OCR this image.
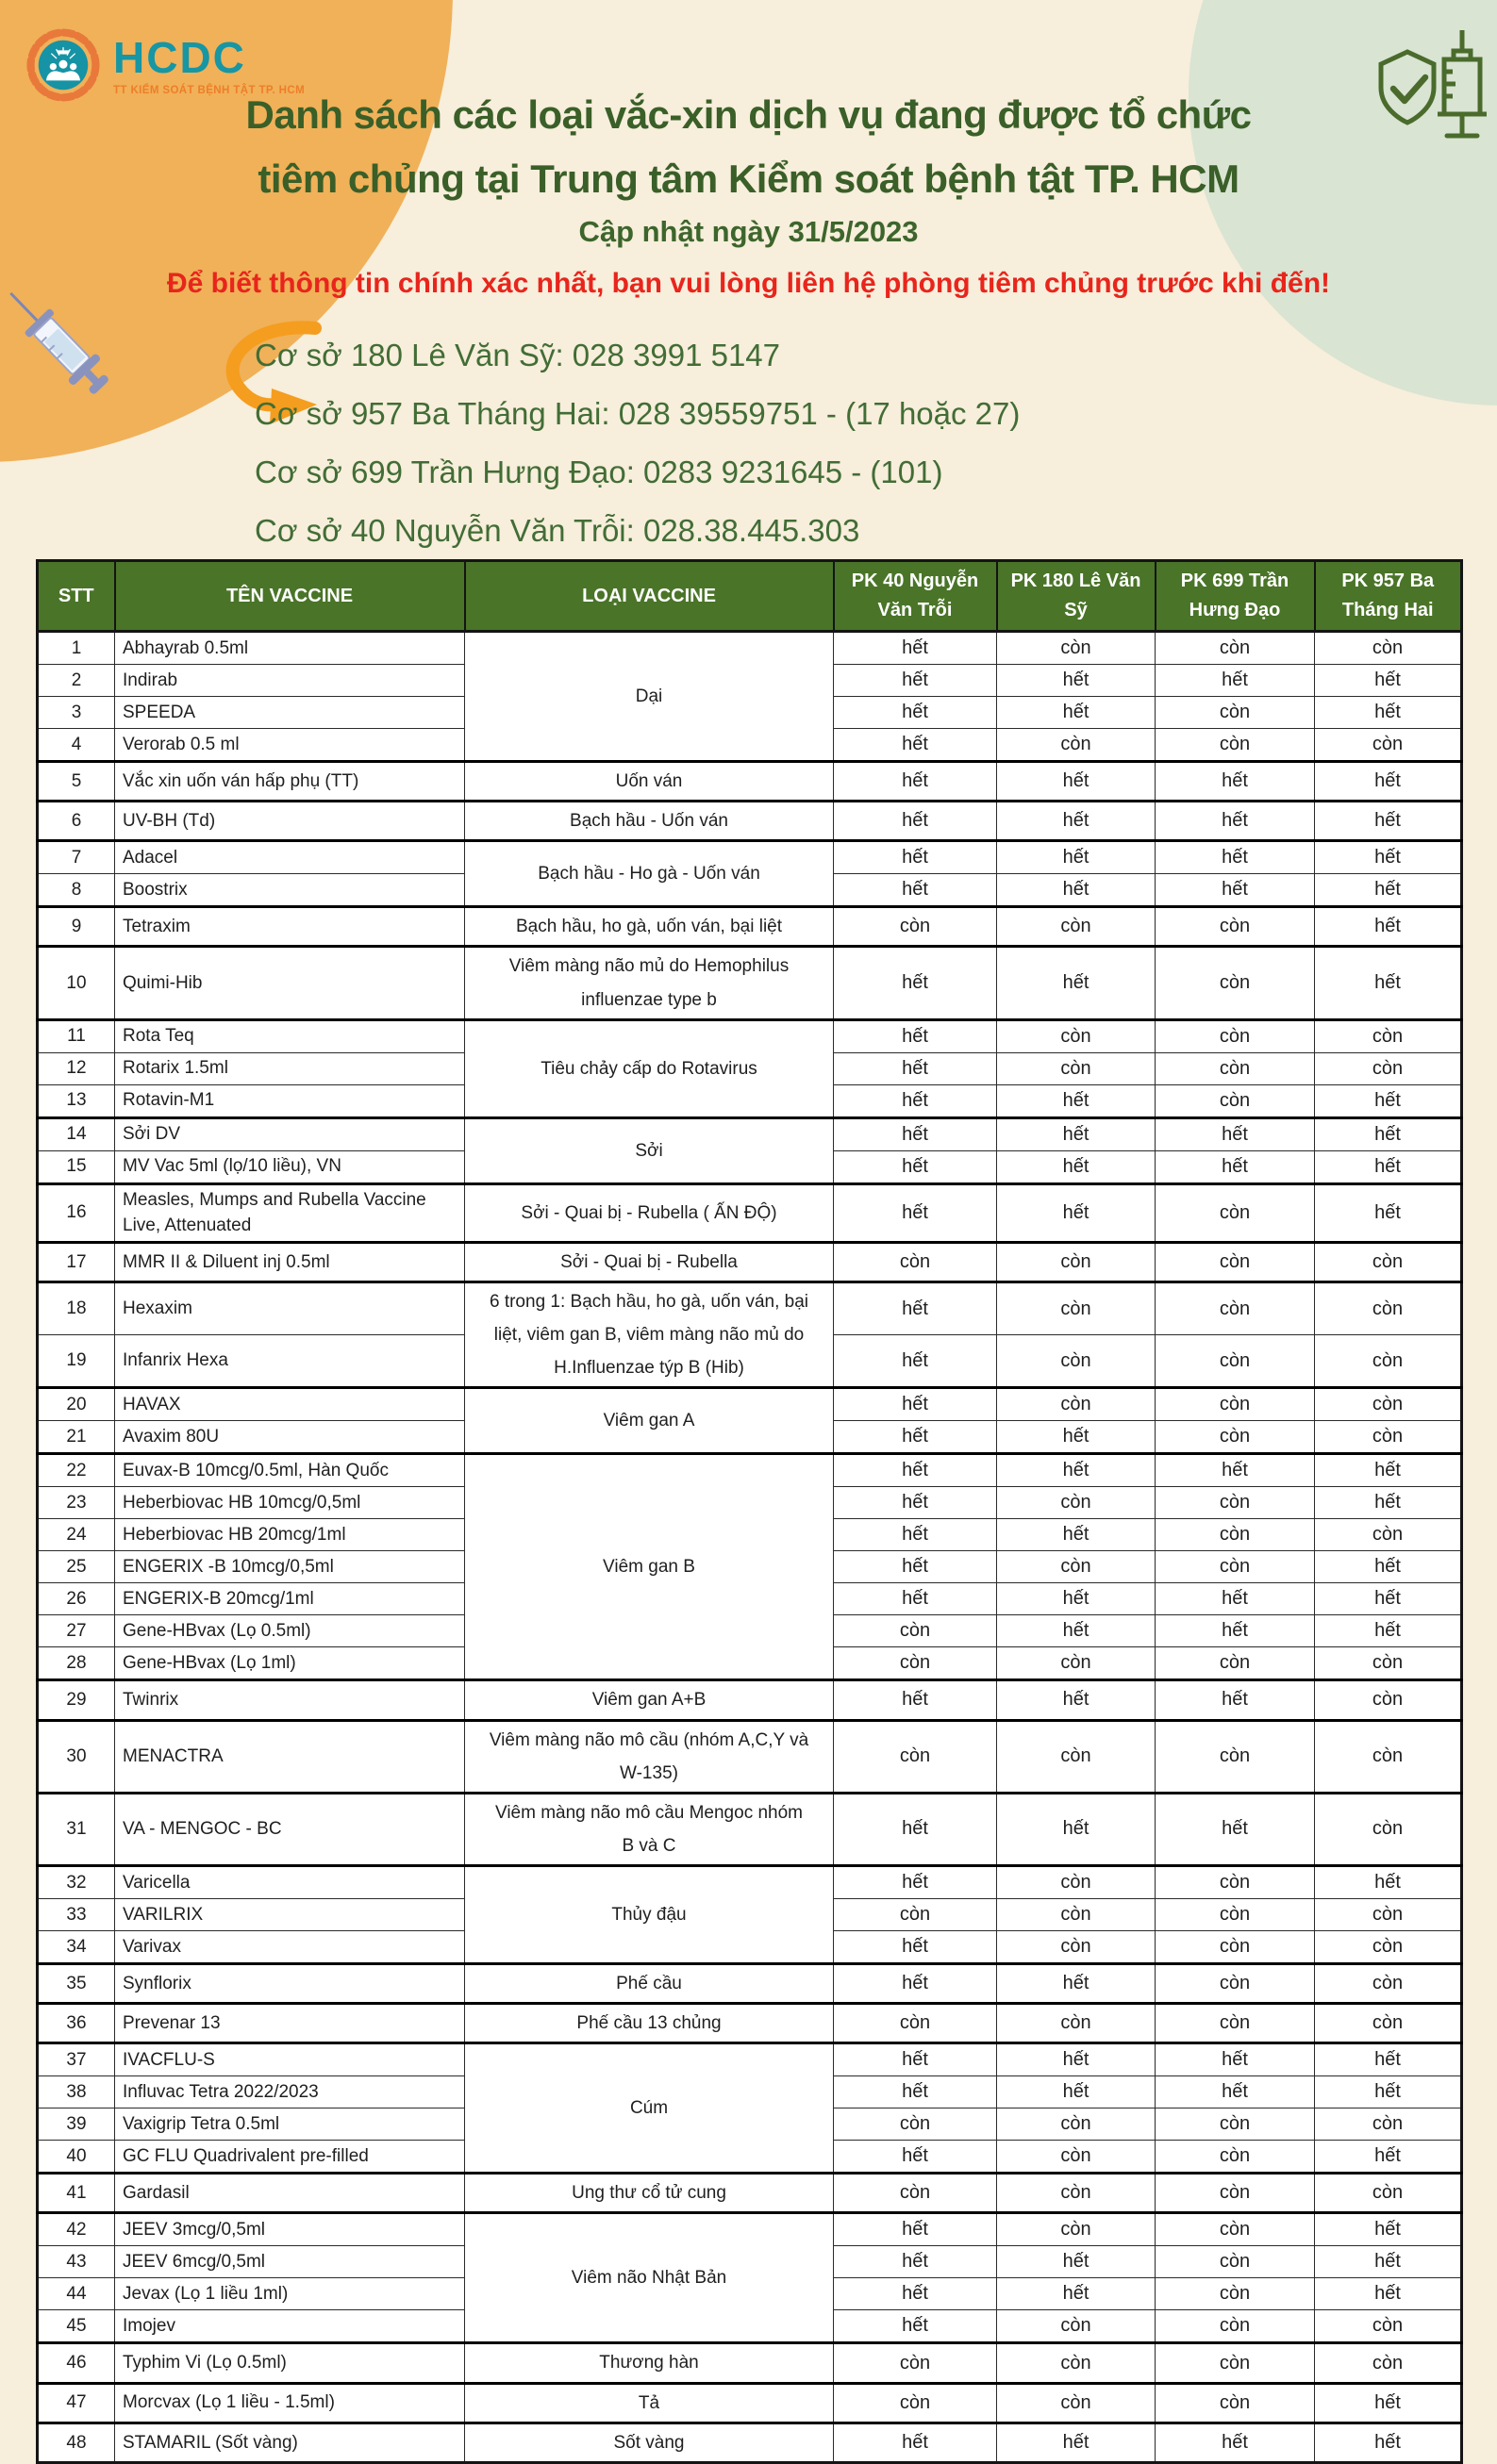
HCDC
TT KIỂM SOÁT BỆNH TẬT TP. HCM
Danh sách các loại vắc-xin dịch vụ đang được tổ chức
tiêm chủng tại Trung tâm Kiểm soát bệnh tật TP. HCM
Cập nhật ngày 31/5/2023
Để biết thông tin chính xác nhất, bạn vui lòng liên hệ phòng tiêm chủng trước khi đến!
Cơ sở 180 Lê Văn Sỹ: 028 3991 5147
Cơ sở 957 Ba Tháng Hai: 028 39559751 - (17 hoặc 27)
Cơ sở 699 Trần Hưng Đạo: 0283 9231645 - (101)
Cơ sở 40 Nguyễn Văn Trỗi: 028.38.445.303
STT	TÊN VACCINE	LOẠI VACCINE	PK 40 Nguyễn Văn Trỗi	PK 180 Lê Văn Sỹ	PK 699 Trần Hưng Đạo	PK 957 Ba Tháng Hai
1	Abhayrab 0.5ml	Dại	hết	còn	còn	còn
2	Indirab		hết	hết	hết	hết
3	SPEEDA		hết	hết	còn	hết
4	Verorab 0.5 ml		hết	còn	còn	còn
5	Vắc xin uốn ván hấp phụ (TT)	Uốn ván	hết	hết	hết	hết
6	UV-BH (Td)	Bạch hầu - Uốn ván	hết	hết	hết	hết
7	Adacel	Bạch hầu - Ho gà - Uốn ván	hết	hết	hết	hết
8	Boostrix		hết	hết	hết	hết
9	Tetraxim	Bạch hầu, ho gà, uốn ván, bại liệt	còn	còn	còn	hết
10	Quimi-Hib	Viêm màng não mủ do Hemophilus influenzae type b	hết	hết	còn	hết
11	Rota Teq	Tiêu chảy cấp do Rotavirus	hết	còn	còn	còn
12	Rotarix 1.5ml		hết	còn	còn	còn
13	Rotavin-M1		hết	hết	còn	hết
14	Sởi DV	Sởi	hết	hết	hết	hết
15	MV Vac 5ml (lọ/10 liều), VN		hết	hết	hết	hết
16	Measles, Mumps and Rubella Vaccine Live, Attenuated	Sởi - Quai bị - Rubella ( ẤN ĐỘ)	hết	hết	còn	hết
17	MMR II & Diluent inj 0.5ml	Sởi - Quai bị - Rubella	còn	còn	còn	còn
18	Hexaxim	6 trong 1: Bạch hầu, ho gà, uốn ván, bại liệt, viêm gan B, viêm màng não mủ do H.Influenzae týp B (Hib)	hết	còn	còn	còn
19	Infanrix Hexa		hết	còn	còn	còn
20	HAVAX	Viêm gan A	hết	còn	còn	còn
21	Avaxim 80U		hết	hết	còn	còn
22	Euvax-B 10mcg/0.5ml, Hàn Quốc	Viêm gan B	hết	hết	hết	hết
23	Heberbiovac HB 10mcg/0,5ml		hết	còn	còn	hết
24	Heberbiovac HB 20mcg/1ml		hết	hết	còn	còn
25	ENGERIX -B 10mcg/0,5ml		hết	còn	còn	hết
26	ENGERIX-B 20mcg/1ml		hết	hết	hết	hết
27	Gene-HBvax (Lọ 0.5ml)		còn	hết	hết	hết
28	Gene-HBvax (Lọ 1ml)		còn	còn	còn	còn
29	Twinrix	Viêm gan A+B	hết	hết	hết	còn
30	MENACTRA	Viêm màng não mô cầu (nhóm A,C,Y và W-135)	còn	còn	còn	còn
31	VA - MENGOC - BC	Viêm màng não mô cầu Mengoc nhóm B và C	hết	hết	hết	còn
32	Varicella	Thủy đậu	hết	còn	còn	hết
33	VARILRIX		còn	còn	còn	còn
34	Varivax		hết	còn	còn	còn
35	Synflorix	Phế cầu	hết	hết	còn	còn
36	Prevenar 13	Phế cầu 13 chủng	còn	còn	còn	còn
37	IVACFLU-S	Cúm	hết	hết	hết	hết
38	Influvac Tetra 2022/2023		hết	hết	hết	hết
39	Vaxigrip Tetra 0.5ml		còn	còn	còn	còn
40	GC FLU Quadrivalent pre-filled		hết	còn	còn	hết
41	Gardasil	Ung thư cổ tử cung	còn	còn	còn	còn
42	JEEV 3mcg/0,5ml	Viêm não Nhật Bản	hết	còn	còn	hết
43	JEEV 6mcg/0,5ml		hết	hết	còn	hết
44	Jevax (Lọ 1 liều 1ml)		hết	hết	còn	hết
45	Imojev		hết	còn	còn	còn
46	Typhim Vi (Lọ 0.5ml)	Thương hàn	còn	còn	còn	còn
47	Morcvax (Lọ 1 liều - 1.5ml)	Tả	còn	còn	còn	hết
48	STAMARIL (Sốt vàng)	Sốt vàng	hết	hết	hết	hết
